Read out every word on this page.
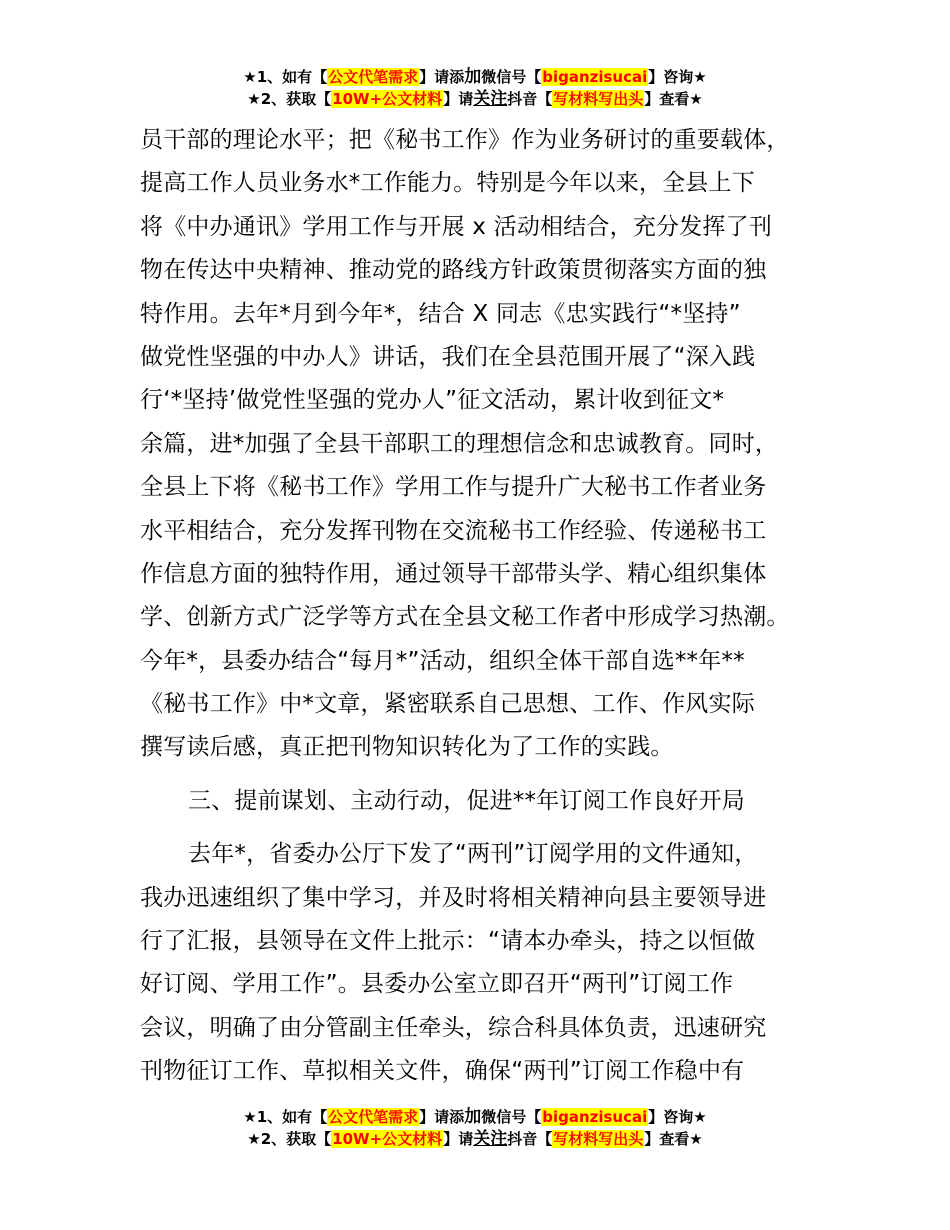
★1、如有【公文代笔需求】请添加微信号【biganzisucai】咨询★
★2、获取【10W+公文材料】请关注抖音【写材料写出头】查看★
员干部的理论水平；把《秘书工作》作为业务研讨的重要载体，
提高工作人员业务水*工作能力。特别是今年以来，全县上下
将《中办通讯》学用工作与开展 x 活动相结合，充分发挥了刊
物在传达中央精神、推动党的路线方针政策贯彻落实方面的独
特作用。去年*月到今年*，结合 X 同志《忠实践行“*坚持”
做党性坚强的中办人》讲话，我们在全县范围开展了“深入践
行‘*坚持’做党性坚强的党办人”征文活动，累计收到征文*
余篇，进*加强了全县干部职工的理想信念和忠诚教育。同时，
全县上下将《秘书工作》学用工作与提升广大秘书工作者业务
水平相结合，充分发挥刊物在交流秘书工作经验、传递秘书工
作信息方面的独特作用，通过领导干部带头学、精心组织集体
学、创新方式广泛学等方式在全县文秘工作者中形成学习热潮。
今年*，县委办结合“每月*”活动，组织全体干部自选**年**
《秘书工作》中*文章，紧密联系自己思想、工作、作风实际
撰写读后感，真正把刊物知识转化为了工作的实践。
三、提前谋划、主动行动，促进**年订阅工作良好开局
去年*，省委办公厅下发了“两刊”订阅学用的文件通知，
我办迅速组织了集中学习，并及时将相关精神向县主要领导进
行了汇报，县领导在文件上批示：“请本办牵头，持之以恒做
好订阅、学用工作”。县委办公室立即召开“两刊”订阅工作
会议，明确了由分管副主任牵头，综合科具体负责，迅速研究
刊物征订工作、草拟相关文件，确保“两刊”订阅工作稳中有
★1、如有【公文代笔需求】请添加微信号【biganzisucai】咨询★
★2、获取【10W+公文材料】请关注抖音【写材料写出头】查看★
